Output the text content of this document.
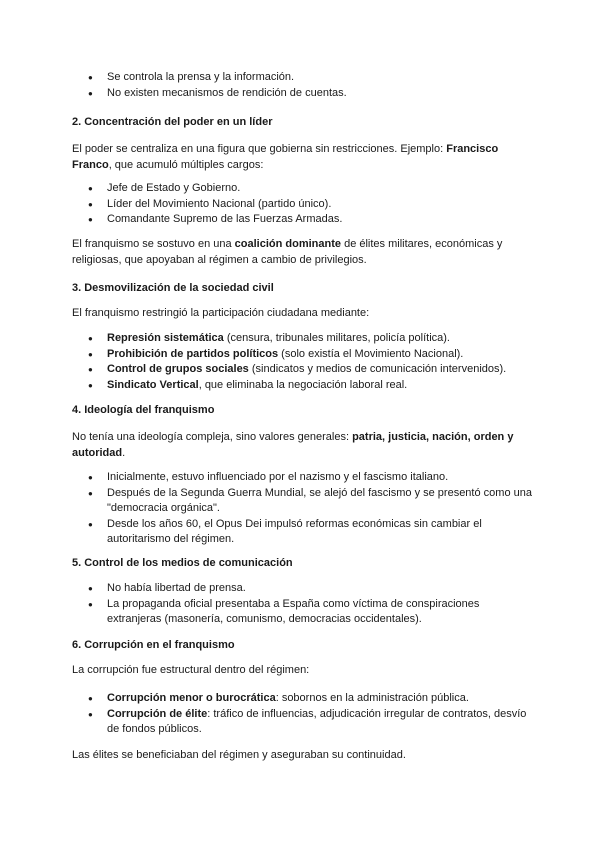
● Se controla la prensa y la información.
● No existen mecanismos de rendición de cuentas.
2. Concentración del poder en un líder

El poder se centraliza en una figura que gobierna sin restricciones. Ejemplo: Francisco Franco, que acumuló múltiples cargos:

● Jefe de Estado y Gobierno.
● Líder del Movimiento Nacional (partido único).
● Comandante Supremo de las Fuerzas Armadas.

El franquismo se sostuvo en una coalición dominante de élites militares, económicas y religiosas, que apoyaban al régimen a cambio de privilegios.

3. Desmovilización de la sociedad civil

El franquismo restringió la participación ciudadana mediante:

● Represión sistemática (censura, tribunales militares, policía política).
● Prohibición de partidos políticos (solo existía el Movimiento Nacional).
● Control de grupos sociales (sindicatos y medios de comunicación intervenidos).
● Sindicato Vertical, que eliminaba la negociación laboral real.
4. Ideología del franquismo

No tenía una ideología compleja, sino valores generales: patria, justicia, nación, orden y autoridad.

● Inicialmente, estuvo influenciado por el nazismo y el fascismo italiano.
● Después de la Segunda Guerra Mundial, se alejó del fascismo y se presentó como una "democracia orgánica".
● Desde los años 60, el Opus Dei impulsó reformas económicas sin cambiar el autoritarismo del régimen.
5. Control de los medios de comunicación
● No había libertad de prensa.
● La propaganda oficial presentaba a España como víctima de conspiraciones extranjeras (masonería, comunismo, democracias occidentales).
6. Corrupción en el franquismo

La corrupción fue estructural dentro del régimen:

● Corrupción menor o burocrática: sobornos en la administración pública.
● Corrupción de élite: tráfico de influencias, adjudicación irregular de contratos, desvío de fondos públicos.

Las élites se beneficiaban del régimen y aseguraban su continuidad.
